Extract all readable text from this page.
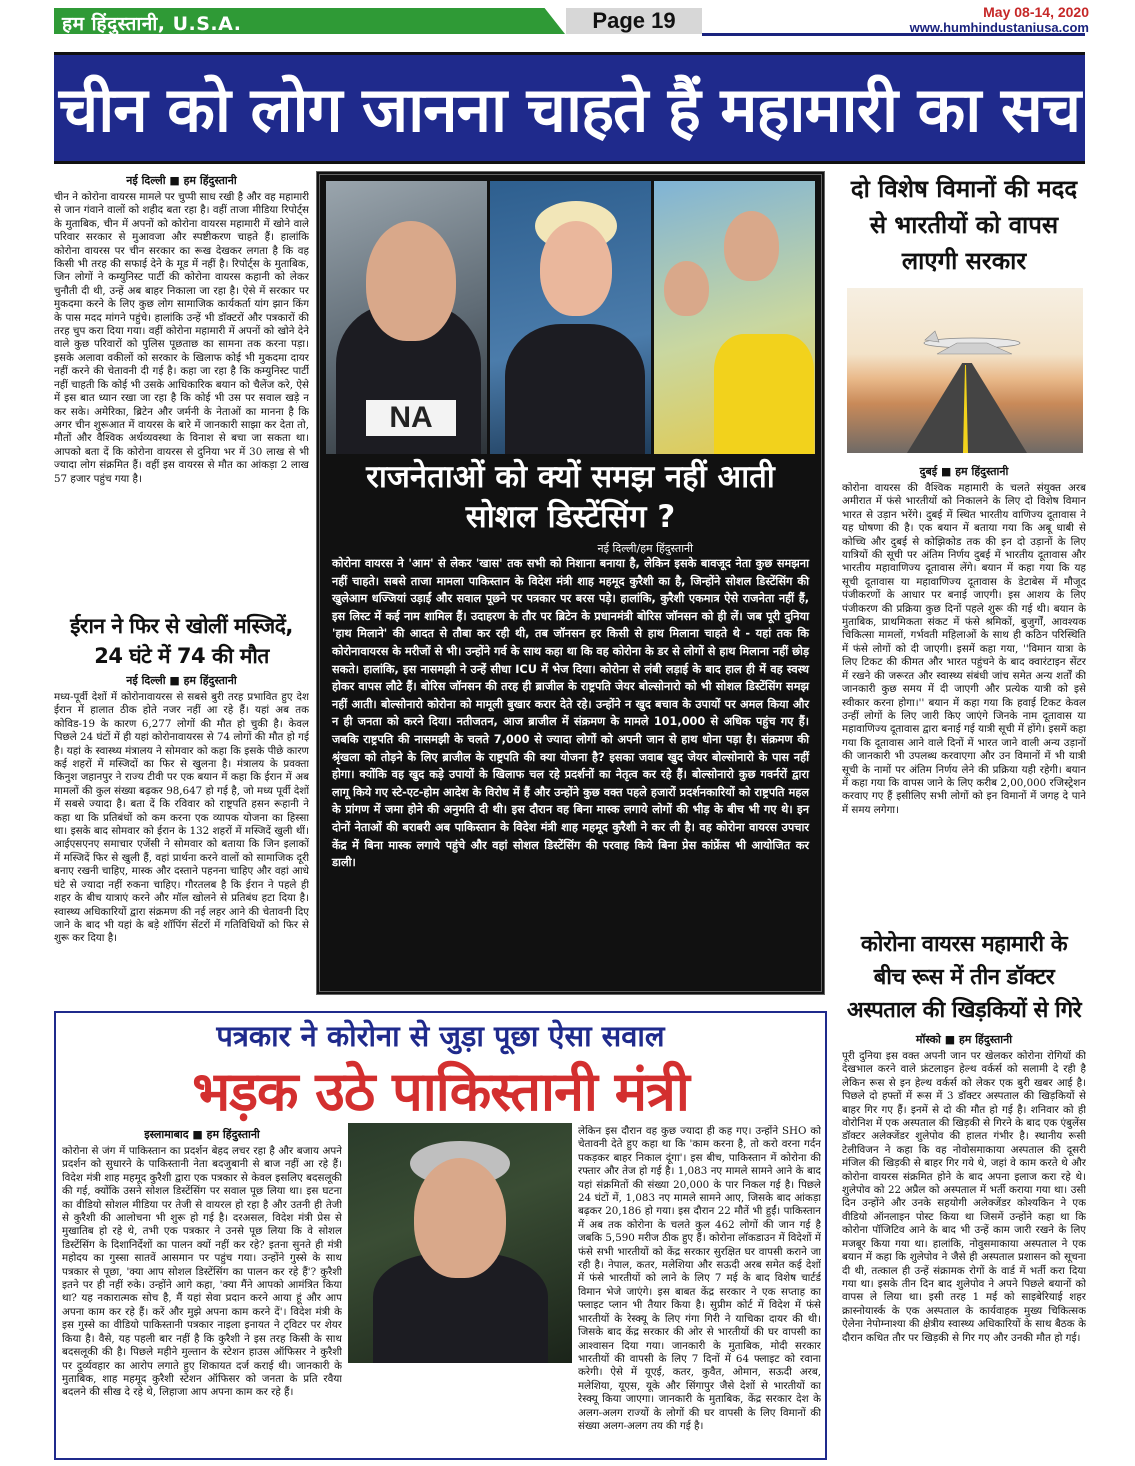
हम हिंदुस्तानी, U.S.A.	Page 19	May 08-14, 2020
www.humhindustaniusa.com
चीन को लोग जानना चाहते हैं महामारी का सच
नई दिल्ली ■ हम हिंदुस्तानी
चीन ने कोरोना वायरस मामले पर चुप्पी साध रखी है और वह महामारी से जान गंवाने वालों को शहीद बता रहा है। वहीं ताजा मीडिया रिपोर्ट्स के मुताबिक, चीन में अपनों को कोरोना वायरस महामारी में खोने वाले परिवार सरकार से मुआवजा और स्पष्टीकरण चाहते हैं। हालांकि कोरोना वायरस पर चीन सरकार का रूख देखकर लगता है कि वह किसी भी तरह की सफाई देने के मूड में नहीं है। रिपोर्ट्स के मुताबिक, जिन लोगों ने कम्युनिस्ट पार्टी की कोरोना वायरस कहानी को लेकर चुनौती दी थी, उन्हें अब बाहर निकाला जा रहा है। ऐसे में सरकार पर मुकदमा करने के लिए कुछ लोग सामाजिक कार्यकर्ता यांग झान किंग के पास मदद मांगने पहुंचे। हालांकि उन्हें भी डॉक्टरों और पत्रकारों की तरह चुप करा दिया गया। वहीं कोरोना महामारी में अपनों को खोने देने वाले कुछ परिवारों को पुलिस पूछताछ का सामना तक करना पड़ा। इसके अलावा वकीलों को सरकार के खिलाफ कोई भी मुकदमा दायर नहीं करने की चेतावनी दी गई है। कहा जा रहा है कि कम्युनिस्ट पार्टी नहीं चाहती कि कोई भी उसके आधिकारिक बयान को चैलेंज करे, ऐसे में इस बात ध्यान रखा जा रहा है कि कोई भी उस पर सवाल खड़े न कर सके। अमेरिका, ब्रिटेन और जर्मनी के नेताओं का मानना है कि अगर चीन शुरूआत में वायरस के बारे में जानकारी साझा कर देता तो, मौतों और वैश्विक अर्थव्यवस्था के विनाश से बचा जा सकता था। आपको बता दें कि कोरोना वायरस से दुनिया भर में 30 लाख से भी ज्यादा लोग संक्रमित हैं। वहीं इस वायरस से मौत का आंकड़ा 2 लाख 57 हजार पहुंच गया है।
ईरान ने फिर से खोलीं मस्जिदें, 24 घंटे में 74 की मौत
नई दिल्ली ■ हम हिंदुस्तानी
मध्य-पूर्वी देशों में कोरोनावायरस से सबसे बुरी तरह प्रभावित हुए देश ईरान में हालात ठीक होते नजर नहीं आ रहे हैं। यहां अब तक कोविड-19 के कारण 6,277 लोगों की मौत हो चुकी है। केवल पिछले 24 घंटों में ही यहां कोरोनावायरस से 74 लोगों की मौत हो गई है। यहां के स्वास्थ्य मंत्रालय ने सोमवार को कहा कि इसके पीछे कारण कई शहरों में मस्जिदों का फिर से खुलना है। मंत्रालय के प्रवक्ता किनुश जहानपुर ने राज्य टीवी पर एक बयान में कहा कि ईरान में अब मामलों की कुल संख्या बढ़कर 98,647 हो गई है, जो मध्य पूर्वी देशों में सबसे ज्यादा है। बता दें कि रविवार को राष्ट्रपति हसन रूहानी ने कहा था कि प्रतिबंधों को कम करना एक व्यापक योजना का हिस्सा था। इसके बाद सोमवार को ईरान के 132 शहरों में मस्जिदें खुली थीं। आईएसएनए समाचार एजेंसी ने सोमवार को बताया कि जिन इलाकों में मस्जिदें फिर से खुली हैं, वहां प्रार्थना करने वालों को सामाजिक दूरी बनाए रखनी चाहिए, मास्क और दस्ताने पहनना चाहिए और वहां आधे घंटे से ज्यादा नहीं रुकना चाहिए। गौरतलब है कि ईरान ने पहले ही शहर के बीच यात्राएं करने और मॉल खोलने से प्रतिबंध हटा दिया है। स्वास्थ्य अधिकारियों द्वारा संक्रमण की नई लहर आने की चेतावनी दिए जाने के बाद भी यहां के बड़े शॉपिंग सेंटरों में गतिविधियों को फिर से शुरू कर दिया है।
NA
राजनेताओं को क्यों समझ नहीं आती सोशल डिस्टेंसिंग ?
नई दिल्ली/हम हिंदुस्तानी
कोरोना वायरस ने 'आम' से लेकर 'खास' तक सभी को निशाना बनाया है, लेकिन इसके बावजूद नेता कुछ समझना नहीं चाहते। सबसे ताजा मामला पाकिस्तान के विदेश मंत्री शाह महमूद कुरैशी का है, जिन्होंने सोशल डिस्टेंसिंग की खुलेआम धज्जियां उड़ाईं और सवाल पूछने पर पत्रकार पर बरस पड़े। हालांकि, कुरैशी एकमात्र ऐसे राजनेता नहीं हैं, इस लिस्ट में कई नाम शामिल हैं। उदाहरण के तौर पर ब्रिटेन के प्रधानमंत्री बोरिस जॉनसन को ही लें। जब पूरी दुनिया 'हाथ मिलाने' की आदत से तौबा कर रही थी, तब जॉनसन हर किसी से हाथ मिलाना चाहते थे - यहां तक कि कोरोनावायरस के मरीजों से भी। उन्होंने गर्व के साथ कहा था कि वह कोरोना के डर से लोगों से हाथ मिलाना नहीं छोड़ सकते। हालांकि, इस नासमझी ने उन्हें सीधा ICU में भेज दिया। कोरोना से लंबी लड़ाई के बाद हाल ही में वह स्वस्थ होकर वापस लौटे हैं। बोरिस जॉनसन की तरह ही ब्राजील के राष्ट्रपति जेयर बोल्सोनारो को भी सोशल डिस्टेंसिंग समझ नहीं आती। बोल्सोनारो कोरोना को मामूली बुखार करार देते रहे। उन्होंने न खुद बचाव के उपायों पर अमल किया और न ही जनता को करने दिया। नतीजतन, आज ब्राजील में संक्रमण के मामले 101,000 से अधिक पहुंच गए हैं। जबकि राष्ट्रपति की नासमझी के चलते 7,000 से ज्यादा लोगों को अपनी जान से हाथ धोना पड़ा है। संक्रमण की श्रृंखला को तोड़ने के लिए ब्राजील के राष्ट्रपति की क्या योजना है? इसका जवाब खुद जेयर बोल्सोनारो के पास नहीं होगा। क्योंकि वह खुद कड़े उपायों के खिलाफ चल रहे प्रदर्शनों का नेतृत्व कर रहे हैं। बोल्सोनारो कुछ गवर्नरों द्वारा लागू किये गए स्टे-एट-होम आदेश के विरोध में हैं और उन्होंने कुछ वक्त पहले हजारों प्रदर्शनकारियों को राष्ट्रपति महल के प्रांगण में जमा होने की अनुमति दी थी। इस दौरान वह बिना मास्क लगाये लोगों की भीड़ के बीच भी गए थे। इन दोनों नेताओं की बराबरी अब पाकिस्तान के विदेश मंत्री शाह महमूद कुरैशी ने कर ली है। वह कोरोना वायरस उपचार केंद्र में बिना मास्क लगाये पहुंचे और वहां सोशल डिस्टेंसिंग की परवाह किये बिना प्रेस कांफ्रेंस भी आयोजित कर डाली।
दो विशेष विमानों की मदद से भारतीयों को वापस लाएगी सरकार
दुबई ■ हम हिंदुस्तानी
कोरोना वायरस की वैश्विक महामारी के चलते संयुक्त अरब अमीरात में फंसे भारतीयों को निकालने के लिए दो विशेष विमान भारत से उड़ान भरेंगे। दुबई में स्थित भारतीय वाणिज्य दूतावास ने यह घोषणा की है। एक बयान में बताया गया कि अबू धाबी से कोच्चि और दुबई से कोझिकोड तक की इन दो उड़ानों के लिए यात्रियों की सूची पर अंतिम निर्णय दुबई में भारतीय दूतावास और भारतीय महावाणिज्य दूतावास लेंगे। बयान में कहा गया कि यह सूची दूतावास या महावाणिज्य दूतावास के डेटाबेस में मौजूद पंजीकरणों के आधार पर बनाई जाएगी। इस आशय के लिए पंजीकरण की प्रक्रिया कुछ दिनों पहले शुरू की गई थी। बयान के मुताबिक, प्राथमिकता संकट में फंसे श्रमिकों, बुजुर्गों, आवश्यक चिकित्सा मामलों, गर्भवती महिलाओं के साथ ही कठिन परिस्थिति में फंसे लोगों को दी जाएगी। इसमें कहा गया, ''विमान यात्रा के लिए टिकट की कीमत और भारत पहुंचने के बाद क्वारंटाइन सेंटर में रखने की जरूरत और स्वास्थ्य संबंधी जांच समेत अन्य शर्तों की जानकारी कुछ समय में दी जाएगी और प्रत्येक यात्री को इसे स्वीकार करना होगा।'' बयान में कहा गया कि हवाई टिकट केवल उन्हीं लोगों के लिए जारी किए जाएंगे जिनके नाम दूतावास या महावाणिज्य दूतावास द्वारा बनाई गई यात्री सूची में होंगे। इसमें कहा गया कि दूतावास आने वाले दिनों में भारत जाने वाली अन्य उड़ानों की जानकारी भी उपलब्ध करवाएगा और उन विमानों में भी यात्री सूची के नामों पर अंतिम निर्णय लेने की प्रक्रिया यही रहेगी। बयान में कहा गया कि वापस जाने के लिए करीब 2,00,000 रजिस्ट्रेशन करवाए गए हैं इसीलिए सभी लोगों को इन विमानों में जगह दे पाने में समय लगेगा।
कोरोना वायरस महामारी के बीच रूस में तीन डॉक्टर अस्पताल की खिड़कियों से गिरे
मॉस्को ■ हम हिंदुस्तानी
पूरी दुनिया इस वक्त अपनी जान पर खेलकर कोरोना रोगियों की देखभाल करने वाले फ्रंटलाइन हेल्थ वर्कर्स को सलामी दे रही है लेकिन रूस से इन हेल्थ वर्कर्स को लेकर एक बुरी खबर आई है। पिछले दो हफ्तों में रूस में 3 डॉक्टर अस्पताल की खिड़कियों से बाहर गिर गए हैं। इनमें से दो की मौत हो गई है। शनिवार को ही वोरोनिश में एक अस्पताल की खिड़की से गिरने के बाद एक एंबुलेंस डॉक्टर अलेक्जेंडर शुलेपोव की हालत गंभीर है। स्थानीय रूसी टेलीविजन ने कहा कि वह नोवोसमाकाया अस्पताल की दूसरी मंजिल की खिड़की से बाहर गिर गये थे, जहां वे काम करते थे और कोरोना वायरस संक्रमित होने के बाद अपना इलाज करा रहे थे। शुलेपोव को 22 अप्रैल को अस्पताल में भर्ती कराया गया था। उसी दिन उन्होंने और उनके सहयोगी अलेक्जेंडर कोश्यकिन ने एक वीडियो ऑनलाइन पोस्ट किया था जिसमें उन्होंने कहा था कि कोरोना पॉजिटिव आने के बाद भी उन्हें काम जारी रखने के लिए मजबूर किया गया था। हालांकि, नोवुसमाकाया अस्पताल ने एक बयान में कहा कि शुलेपोव ने जैसे ही अस्पताल प्रशासन को सूचना दी थी, तत्काल ही उन्हें संक्रामक रोगों के वार्ड में भर्ती करा दिया गया था। इसके तीन दिन बाद शुलेपोव ने अपने पिछले बयानों को वापस ले लिया था। इसी तरह 1 मई को साइबेरियाई शहर क्रास्नोयार्स्क के एक अस्पताल के कार्यवाहक मुख्य चिकित्सक ऐलेना नेपोम्नाश्या की क्षेत्रीय स्वास्थ्य अधिकारियों के साथ बैठक के दौरान कथित तौर पर खिड़की से गिर गए और उनकी मौत हो गई।
पत्रकार ने कोरोना से जुड़ा पूछा ऐसा सवाल
भड़क उठे पाकिस्तानी मंत्री
इस्लामाबाद ■ हम हिंदुस्तानी
कोरोना से जंग में पाकिस्तान का प्रदर्शन बेहद लचर रहा है और बजाय अपने प्रदर्शन को सुधारने के पाकिस्तानी नेता बदजुबानी से बाज नहीं आ रहे हैं। विदेश मंत्री शाह महमूद कुरैशी द्वारा एक पत्रकार से केवल इसलिए बदसलूकी की गई, क्योंकि उसने सोशल डिस्टेंसिंग पर सवाल पूछ लिया था। इस घटना का वीडियो सोशल मीडिया पर तेजी से वायरल हो रहा है और उतनी ही तेजी से कुरैशी की आलोचना भी शुरू हो गई है। दरअसल, विदेश मंत्री प्रेस से मुखातिब हो रहे थे, तभी एक पत्रकार ने उनसे पूछ लिया कि वे सोशल डिस्टेंसिंग के दिशानिर्देशों का पालन क्यों नहीं कर रहे? इतना सुनते ही मंत्री महोदय का गुस्सा सातवें आसमान पर पहुंच गया। उन्होंने गुस्से के साथ पत्रकार से पूछा, 'क्या आप सोशल डिस्टेंसिंग का पालन कर रहे हैं'? कुरैशी इतने पर ही नहीं रुके। उन्होंने आगे कहा, 'क्या मैंने आपको आमंत्रित किया था? यह नकारात्मक सोच है, मैं यहां सेवा प्रदान करने आया हूं और आप अपना काम कर रहे हैं। करें और मुझे अपना काम करने दें'। विदेश मंत्री के इस गुस्से का वीडियो पाकिस्तानी पत्रकार नाइला इनायत ने ट्विटर पर शेयर किया है। वैसे, यह पहली बार नहीं है कि कुरैशी ने इस तरह किसी के साथ बदसलूकी की है। पिछले महीने मुल्तान के स्टेशन हाउस ऑफिसर ने कुरैशी पर दुर्व्यवहार का आरोप लगाते हुए शिकायत दर्ज कराई थी। जानकारी के मुताबिक, शाह महमूद कुरैशी स्टेशन ऑफिसर को जनता के प्रति रवैया बदलने की सीख दे रहे थे, लिहाजा आप अपना काम कर रहे हैं।
लेकिन इस दौरान वह कुछ ज्यादा ही कह गए। उन्होंने SHO को चेतावनी देते हुए कहा था कि 'काम करना है, तो करो वरना गर्दन पकड़कर बाहर निकाल दूंगा'। इस बीच, पाकिस्तान में कोरोना की रफ्तार और तेज हो गई है। 1,083 नए मामले सामने आने के बाद यहां संक्रमितों की संख्या 20,000 के पार निकल गई है। पिछले 24 घंटों में, 1,083 नए मामले सामने आए, जिसके बाद आंकड़ा बढ़कर 20,186 हो गया। इस दौरान 22 मौतें भी हुईं। पाकिस्तान में अब तक कोरोना के चलते कुल 462 लोगों की जान गई है जबकि 5,590 मरीज ठीक हुए हैं। कोरोना लॉकडाउन में विदेशों में फंसे सभी भारतीयों को केंद्र सरकार सुरक्षित घर वापसी कराने जा रही है। नेपाल, कतर, मलेशिया और सऊदी अरब समेत कई देशों में फंसे भारतीयों को लाने के लिए 7 मई के बाद विशेष चार्टर्ड विमान भेजे जाएंगे। इस बाबत केंद्र सरकार ने एक सप्ताह का फ्लाइट प्लान भी तैयार किया है। सुप्रीम कोर्ट में विदेश में फंसे भारतीयों के रेस्क्यू के लिए गंगा गिरी ने याचिका दायर की थी। जिसके बाद केंद्र सरकार की ओर से भारतीयों की घर वापसी का आश्वासन दिया गया। जानकारी के मुताबिक, मोदी सरकार भारतीयों की वापसी के लिए 7 दिनों में 64 फ्लाइट को रवाना करेगी। ऐसे में यूएई, कतर, कुवैत, ओमान, सऊदी अरब, मलेशिया, यूएस, यूके और सिंगापुर जैसे देशों से भारतीयों का रेस्क्यू किया जाएगा। जानकारी के मुताबिक, केंद्र सरकार देश के अलग-अलग राज्यों के लोगों की घर वापसी के लिए विमानों की संख्या अलग-अलग तय की गई है।
